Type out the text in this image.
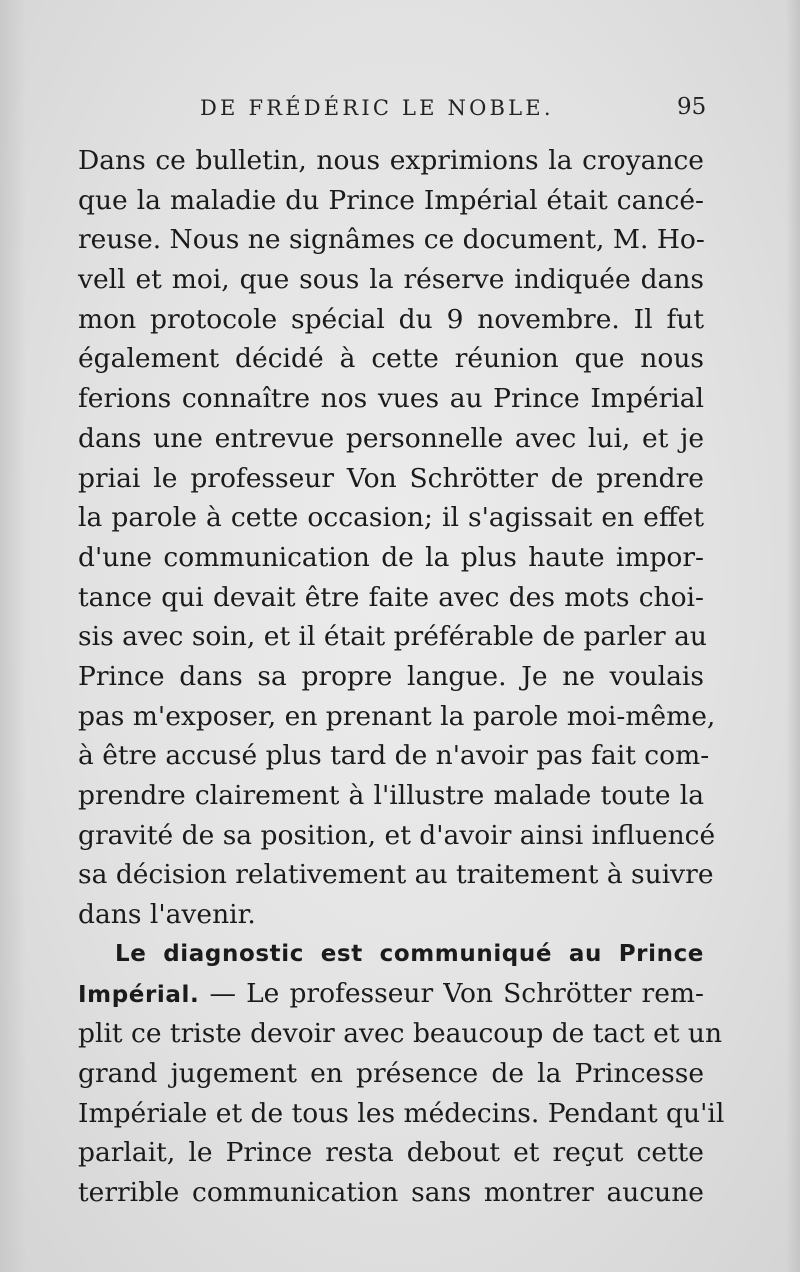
DE FRÉDÉRIC LE NOBLE.	95
Dans ce bulletin, nous exprimions la croyance
que la maladie du Prince Impérial était cancé-
reuse. Nous ne signâmes ce document, M. Ho-
vell et moi, que sous la réserve indiquée dans
mon protocole spécial du 9 novembre. Il fut
également décidé à cette réunion que nous
ferions connaître nos vues au Prince Impérial
dans une entrevue personnelle avec lui, et je
priai le professeur Von Schrötter de prendre
la parole à cette occasion; il s'agissait en effet
d'une communication de la plus haute impor-
tance qui devait être faite avec des mots choi-
sis avec soin, et il était préférable de parler au
Prince dans sa propre langue. Je ne voulais
pas m'exposer, en prenant la parole moi-même,
à être accusé plus tard de n'avoir pas fait com-
prendre clairement à l'illustre malade toute la
gravité de sa position, et d'avoir ainsi influencé
sa décision relativement au traitement à suivre
dans l'avenir.
Le diagnostic est communiqué au Prince
Impérial. — Le professeur Von Schrötter rem-
plit ce triste devoir avec beaucoup de tact et un
grand jugement en présence de la Princesse
Impériale et de tous les médecins. Pendant qu'il
parlait, le Prince resta debout et reçut cette
terrible communication sans montrer aucune
